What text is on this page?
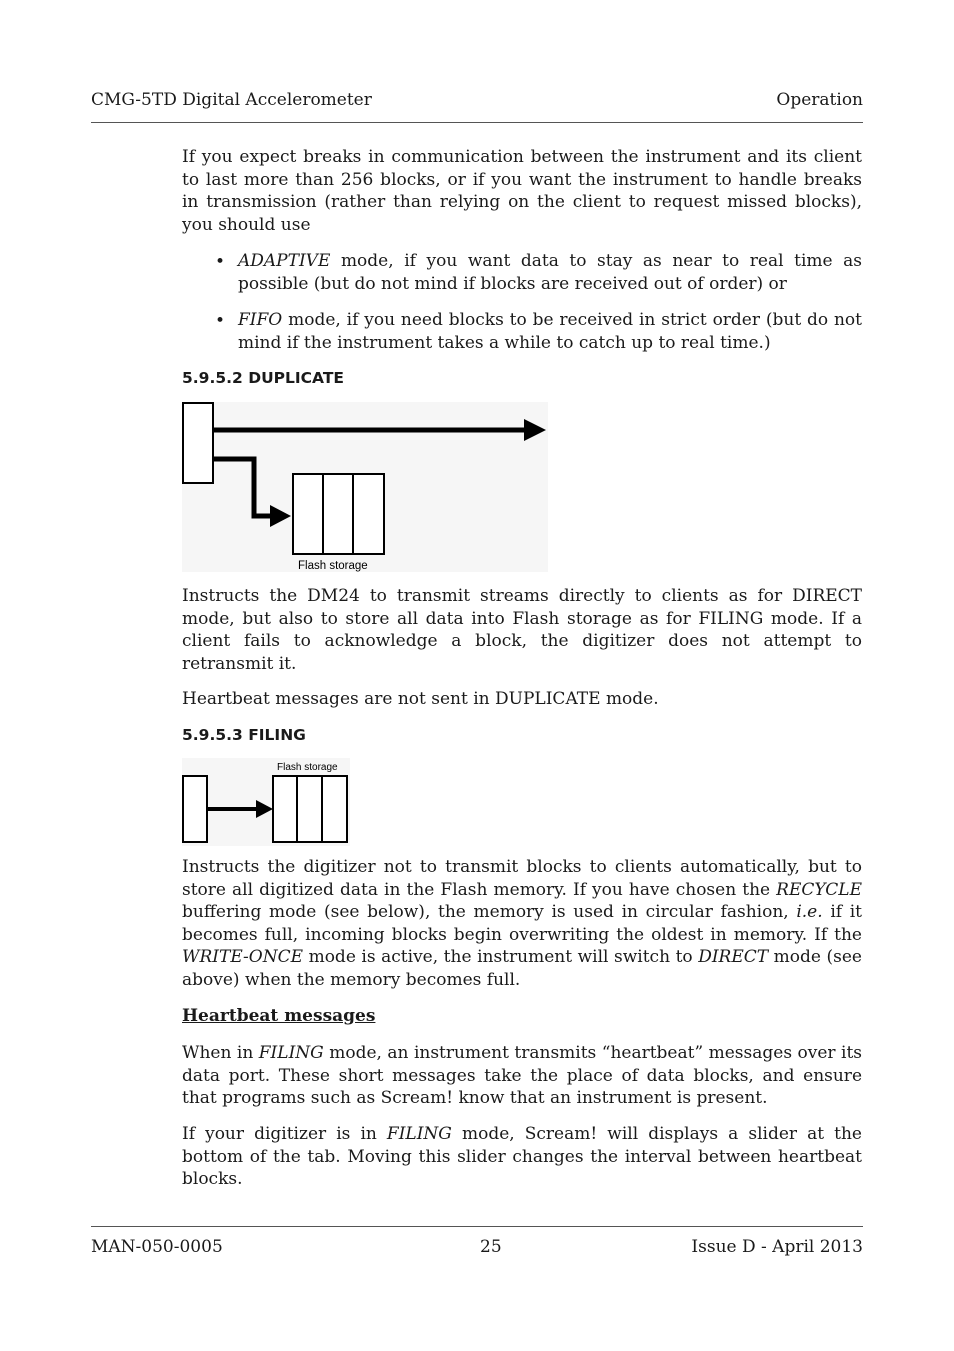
CMG-5TD Digital Accelerometer	Operation

If you expect breaks in communication between the instrument and its client to last more than 256 blocks, or if you want the instrument to handle breaks in transmission (rather than relying on the client to request missed blocks), you should use

• ADAPTIVE mode, if you want data to stay as near to real time as possible (but do not mind if blocks are received out of order) or
• FIFO mode, if you need blocks to be received in strict order (but do not mind if the instrument takes a while to catch up to real time.)
5.9.5.2 DUPLICATE
Flash storage

Instructs the DM24 to transmit streams directly to clients as for DIRECT mode, but also to store all data into Flash storage as for FILING mode. If a client fails to acknowledge a block, the digitizer does not attempt to retransmit it.

Heartbeat messages are not sent in DUPLICATE mode.

5.9.5.3 FILING
Flash storage

Instructs the digitizer not to transmit blocks to clients automatically, but to store all digitized data in the Flash memory. If you have chosen the RECYCLE buffering mode (see below), the memory is used in circular fashion, i.e. if it becomes full, incoming blocks begin overwriting the oldest in memory. If the WRITE-ONCE mode is active, the instrument will switch to DIRECT mode (see above) when the memory becomes full.

Heartbeat messages

When in FILING mode, an instrument transmits “heartbeat” messages over its data port. These short messages take the place of data blocks, and ensure that programs such as Scream! know that an instrument is present.

If your digitizer is in FILING mode, Scream! will displays a slider at the bottom of the tab. Moving this slider changes the interval between heartbeat blocks.

MAN-050-0005	25	Issue D - April 2013
